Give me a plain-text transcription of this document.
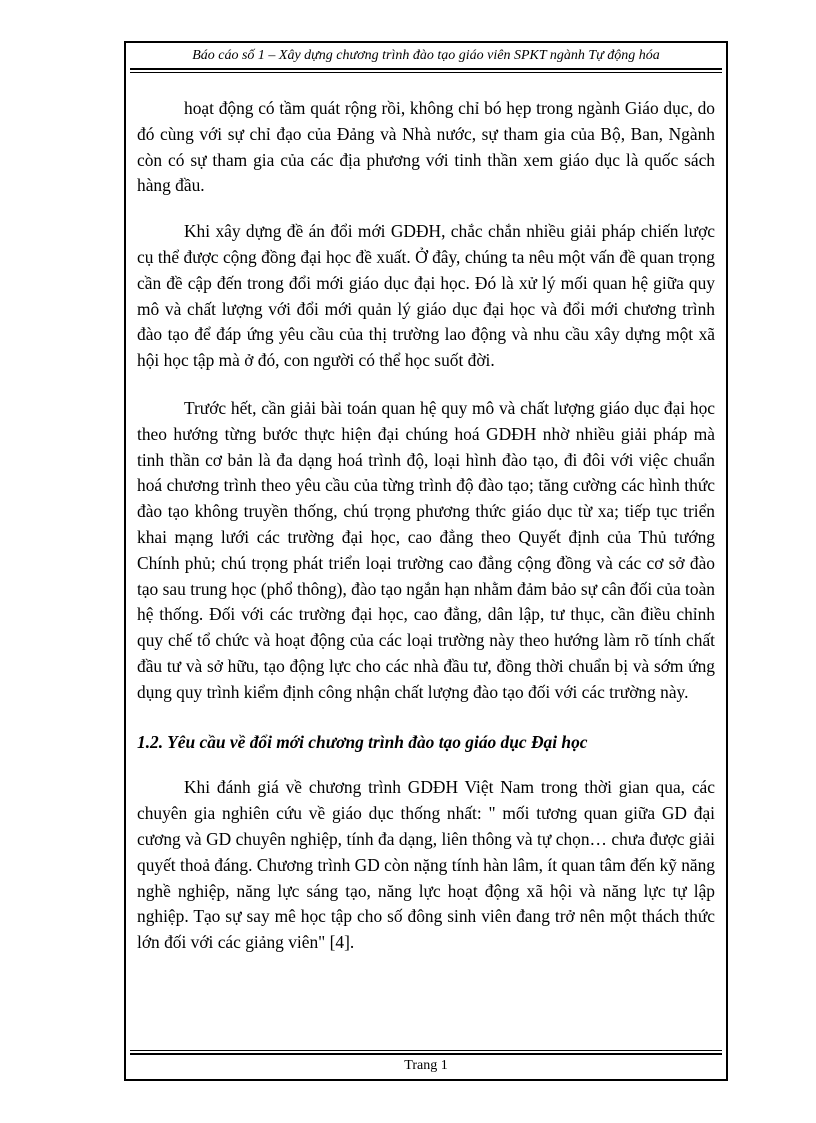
Báo cáo số 1 – Xây dựng chương trình đào tạo giáo viên SPKT ngành Tự động hóa

hoạt động có tầm quát rộng rồi, không chỉ bó hẹp trong ngành Giáo dục, do đó cùng với sự chỉ đạo của Đảng và Nhà nước, sự tham gia của Bộ, Ban, Ngành còn có sự tham gia của các địa phương với tinh thần xem giáo dục là quốc sách hàng đầu.

Khi xây dựng đề án đổi mới GDĐH, chắc chắn nhiều giải pháp chiến lược cụ thể được cộng đồng đại học đề xuất. Ở đây, chúng ta nêu một vấn đề quan trọng cần đề cập đến trong đổi mới giáo dục đại học. Đó là xử lý mối quan hệ giữa quy mô và chất lượng với đổi mới quản lý giáo dục đại học và đổi mới chương trình đào tạo để đáp ứng yêu cầu của thị trường lao động và nhu cầu xây dựng một xã hội học tập mà ở đó, con người có thể học suốt đời.

Trước hết, cần giải bài toán quan hệ quy mô và chất lượng giáo dục đại học theo hướng từng bước thực hiện đại chúng hoá GDĐH nhờ nhiều giải pháp mà tinh thần cơ bản là đa dạng hoá trình độ, loại hình đào tạo, đi đôi với việc chuẩn hoá chương trình theo yêu cầu của từng trình độ đào tạo; tăng cường các hình thức đào tạo không truyền thống, chú trọng phương thức giáo dục từ xa; tiếp tục triển khai mạng lưới các trường đại học, cao đẳng theo Quyết định của Thủ tướng Chính phủ; chú trọng phát triển loại trường cao đẳng cộng đồng và các cơ sở đào tạo sau trung học (phổ thông), đào tạo ngắn hạn nhằm đảm bảo sự cân đối của toàn hệ thống. Đối với các trường đại học, cao đẳng, dân lập, tư thục, cần điều chỉnh quy chế tổ chức và hoạt động của các loại trường này theo hướng làm rõ tính chất đầu tư và sở hữu, tạo động lực cho các nhà đầu tư, đồng thời chuẩn bị và sớm ứng dụng quy trình kiểm định công nhận chất lượng đào tạo đối với các trường này.

1.2. Yêu cầu về đổi mới chương trình đào tạo giáo dục Đại học

Khi đánh giá về chương trình GDĐH Việt Nam trong thời gian qua, các chuyên gia nghiên cứu về giáo dục thống nhất: " mối tương quan giữa GD đại cương và GD chuyên nghiệp, tính đa dạng, liên thông và tự chọn… chưa được giải quyết thoả đáng. Chương trình GD còn nặng tính hàn lâm, ít quan tâm đến kỹ năng nghề nghiệp, năng lực sáng tạo, năng lực hoạt động xã hội và năng lực tự lập nghiệp. Tạo sự say mê học tập cho số đông sinh viên đang trở nên một thách thức lớn đối với các giảng viên" [4].

Trang 1
